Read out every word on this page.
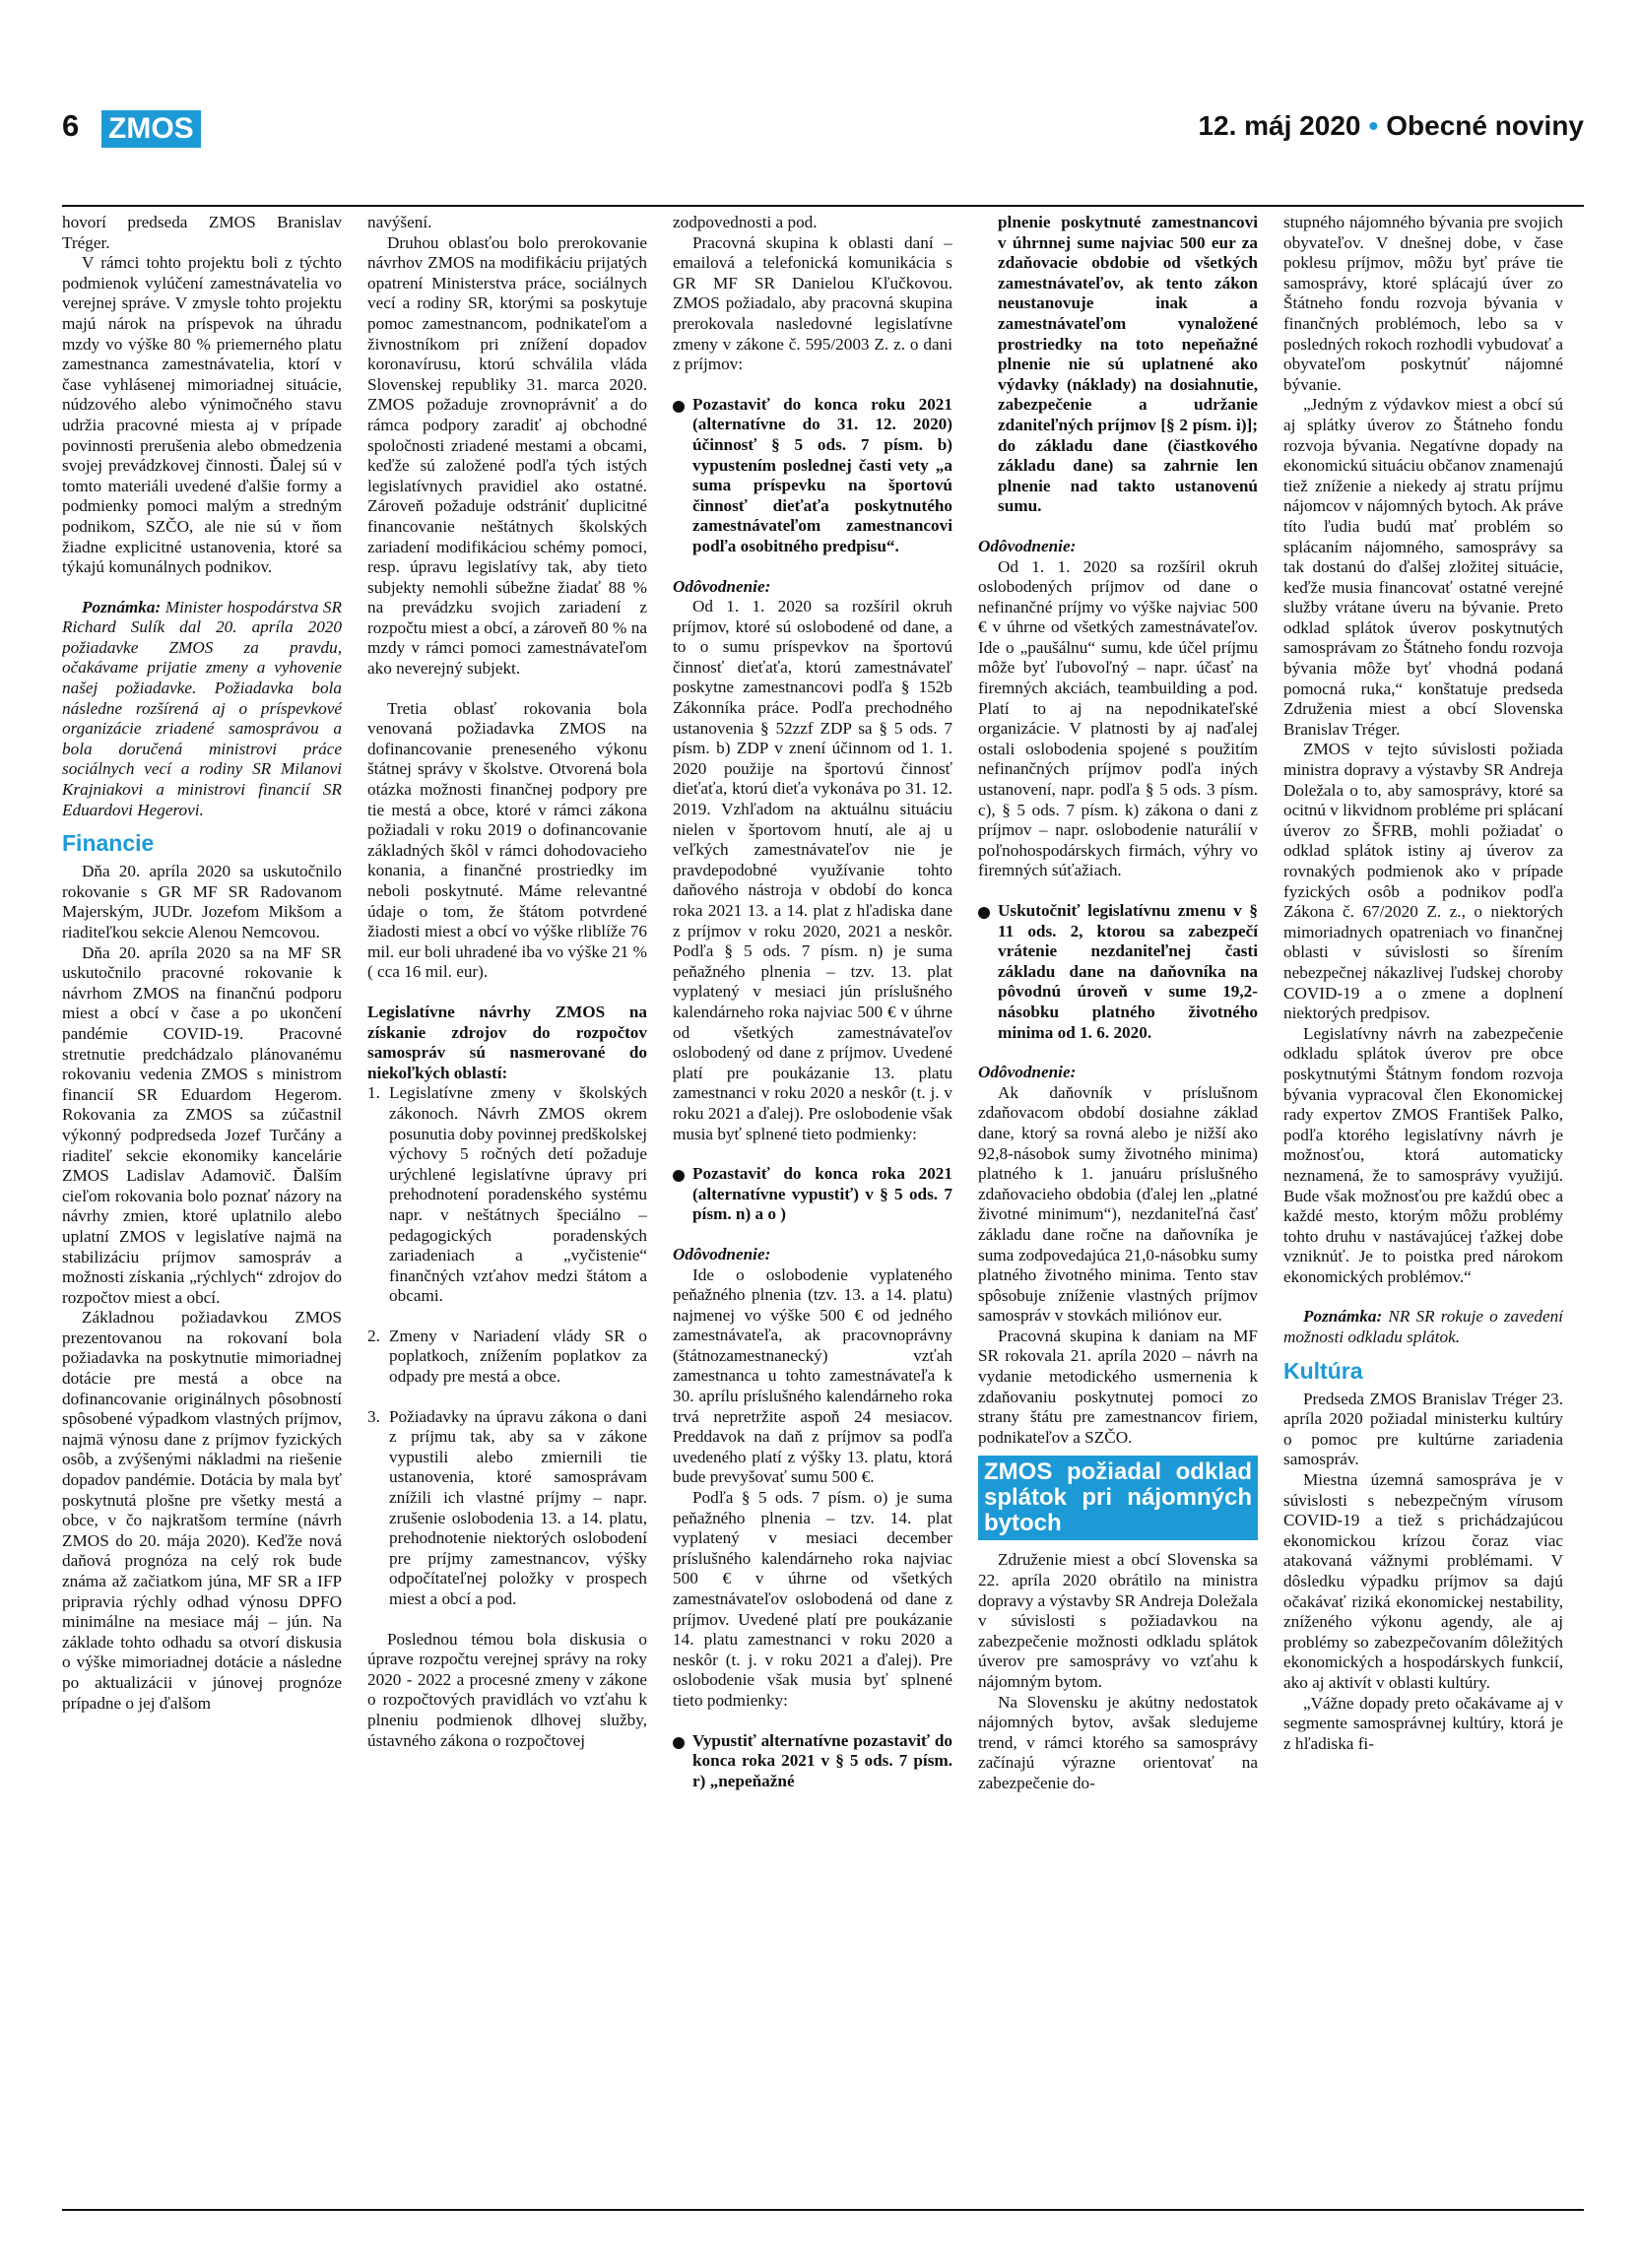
6 ZMOS	12. máj 2020 • Obecné noviny

hovorí predseda ZMOS Branislav Tréger.

V rámci tohto projektu boli z týchto podmienok vylúčení zamestnávatelia vo verejnej správe. V zmysle tohto projektu majú nárok na príspevok na úhradu mzdy vo výške 80 % priemerného platu zamestnanca zamestnávatelia, ktorí v čase vyhlásenej mimoriadnej situácie, núdzového alebo výnimočného stavu udržia pracovné miesta aj v prípade povinnosti prerušenia alebo obmedzenia svojej prevádzkovej činnosti. Ďalej sú v tomto materiáli uvedené ďalšie formy a podmienky pomoci malým a stredným podnikom, SZČO, ale nie sú v ňom žiadne explicitné ustanovenia, ktoré sa týkajú komunálnych podnikov.

Poznámka: Minister hospodárstva SR Richard Sulík dal 20. apríla 2020 požiadavke ZMOS za pravdu, očakávame prijatie zmeny a vyhovenie našej požiadavke. Požiadavka bola následne rozšírená aj o príspevkové organizácie zriadené samosprávou a bola doručená ministrovi práce sociálnych vecí a rodiny SR Milanovi Krajniakovi a ministrovi financií SR Eduardovi Hegerovi.

Financie

Dňa 20. apríla 2020 sa uskutočnilo rokovanie s GR MF SR Radovanom Majerským, JUDr. Jozefom Mikšom a riaditeľkou sekcie Alenou Nemcovou.

Dňa 20. apríla 2020 sa na MF SR uskutočnilo pracovné rokovanie k návrhom ZMOS na finančnú podporu miest a obcí v čase a po ukončení pandémie COVID-19. Pracovné stretnutie predchádzalo plánovanému rokovaniu vedenia ZMOS s ministrom financií SR Eduardom Hegerom. Rokovania za ZMOS sa zúčastnil výkonný podpredseda Jozef Turčány a riaditeľ sekcie ekonomiky kancelárie ZMOS Ladislav Adamovič. Ďalším cieľom rokovania bolo poznať názory na návrhy zmien, ktoré uplatnilo alebo uplatní ZMOS v legislatíve najmä na stabilizáciu príjmov samospráv a možnosti získania „rýchlych“ zdrojov do rozpočtov miest a obcí.

Základnou požiadavkou ZMOS prezentovanou na rokovaní bola požiadavka na poskytnutie mimoriadnej dotácie pre mestá a obce na dofinancovanie originálnych pôsobností spôsobené výpadkom vlastných príjmov, najmä výnosu dane z príjmov fyzických osôb, a zvýšenými nákladmi na riešenie dopadov pandémie. Dotácia by mala byť poskytnutá plošne pre všetky mestá a obce, v čo najkratšom termíne (návrh ZMOS do 20. mája 2020). Keďže nová daňová prognóza na celý rok bude známa až začiatkom júna, MF SR a IFP pripravia rýchly odhad výnosu DPFO minimálne na mesiace máj – jún. Na základe tohto odhadu sa otvorí diskusia o výške mimoriadnej dotácie a následne po aktualizácii v júnovej prognóze prípadne o jej ďalšom

navýšení.

Druhou oblasťou bolo prerokovanie návrhov ZMOS na modifikáciu prijatých opatrení Ministerstva práce, sociálnych vecí a rodiny SR, ktorými sa poskytuje pomoc zamestnancom, podnikateľom a živnostníkom pri znížení dopadov koronavírusu, ktorú schválila vláda Slovenskej republiky 31. marca 2020. ZMOS požaduje zrovnoprávniť a do rámca podpory zaradiť aj obchodné spoločnosti zriadené mestami a obcami, keďže sú založené podľa tých istých legislatívnych pravidiel ako ostatné. Zároveň požaduje odstrániť duplicitné financovanie neštátnych školských zariadení modifikáciou schémy pomoci, resp. úpravu legislatívy tak, aby tieto subjekty nemohli súbežne žiadať 88 % na prevádzku svojich zariadení z rozpočtu miest a obcí, a zároveň 80 % na mzdy v rámci pomoci zamestnávateľom ako neverejný subjekt.

Tretia oblasť rokovania bola venovaná požiadavka ZMOS na dofinancovanie preneseného výkonu štátnej správy v školstve. Otvorená bola otázka možnosti finančnej podpory pre tie mestá a obce, ktoré v rámci zákona požiadali v roku 2019 o dofinancovanie základných škôl v rámci dohodovacieho konania, a finančné prostriedky im neboli poskytnuté. Máme relevantné údaje o tom, že štátom potvrdené žiadosti miest a obcí vo výške rliblíže 76 mil. eur boli uhradené iba vo výške 21 % ( cca 16 mil. eur).

Legislatívne návrhy ZMOS na získanie zdrojov do rozpočtov samospráv sú nasmerované do niekoľkých oblastí:

1. Legislatívne zmeny v školských zákonoch. Návrh ZMOS okrem posunutia doby povinnej predškolskej výchovy 5 ročných detí požaduje urýchlené legislatívne úpravy pri prehodnotení poradenského systému napr. v neštátnych špeciálno – pedagogických poradenských zariadeniach a „vyčistenie“ finančných vzťahov medzi štátom a obcami.

2. Zmeny v Nariadení vlády SR o poplatkoch, znížením poplatkov za odpady pre mestá a obce.

3. Požiadavky na úpravu zákona o dani z príjmu tak, aby sa v zákone vypustili alebo zmiernili tie ustanovenia, ktoré samosprávam znížili ich vlastné príjmy – napr. zrušenie oslobodenia 13. a 14. platu, prehodnotenie niektorých oslobodení pre príjmy zamestnancov, výšky odpočítateľnej položky v prospech miest a obcí a pod.

Poslednou témou bola diskusia o úprave rozpočtu verejnej správy na roky 2020 - 2022 a procesné zmeny v zákone o rozpočtových pravidlách vo vzťahu k plneniu podmienok dlhovej služby, ústavného zákona o rozpočtovej

zodpovednosti a pod.

Pracovná skupina k oblasti daní – emailová a telefonická komunikácia s GR MF SR Danielou Kľučkovou. ZMOS požiadalo, aby pracovná skupina prerokovala nasledovné legislatívne zmeny v zákone č. 595/2003 Z. z. o dani z príjmov:

Pozastaviť do konca roku 2021 (alternatívne do 31. 12. 2020) účinnosť § 5 ods. 7 písm. b) vypustením poslednej časti vety „a suma príspevku na športovú činnosť dieťaťa poskytnutého zamestnávateľom zamestnancovi podľa osobitného predpisu“.

Odôvodnenie:

Od 1. 1. 2020 sa rozšíril okruh príjmov, ktoré sú oslobodené od dane, a to o sumu príspevkov na športovú činnosť dieťaťa, ktorú zamestnávateľ poskytne zamestnancovi podľa § 152b Zákonníka práce. Podľa prechodného ustanovenia § 52zzf ZDP sa § 5 ods. 7 písm. b) ZDP v znení účinnom od 1. 1. 2020 použije na športovú činnosť dieťaťa, ktorú dieťa vykonáva po 31. 12. 2019. Vzhľadom na aktuálnu situáciu nielen v športovom hnutí, ale aj u veľkých zamestnávateľov nie je pravdepodobné využívanie tohto daňového nástroja v období do konca roka 2021 13. a 14. plat z hľadiska dane z príjmov v roku 2020, 2021 a neskôr. Podľa § 5 ods. 7 písm. n) je suma peňažného plnenia – tzv. 13. plat vyplatený v mesiaci jún príslušného kalendárneho roka najviac 500 € v úhrne od všetkých zamestnávateľov oslobodený od dane z príjmov. Uvedené platí pre poukázanie 13. platu zamestnanci v roku 2020 a neskôr (t. j. v roku 2021 a ďalej). Pre oslobodenie však musia byť splnené tieto podmienky:

Pozastaviť do konca roka 2021 (alternatívne vypustiť) v § 5 ods. 7 písm. n) a o )

Odôvodnenie:

Ide o oslobodenie vyplateného peňažného plnenia (tzv. 13. a 14. platu) najmenej vo výške 500 € od jedného zamestnávateľa, ak pracovnoprávny (štátnozamestnanecký) vzťah zamestnanca u tohto zamestnávateľa k 30. aprílu príslušného kalendárneho roka trvá nepretržite aspoň 24 mesiacov. Preddavok na daň z príjmov sa podľa uvedeného platí z výšky 13. platu, ktorá bude prevyšovať sumu 500 €.

Podľa § 5 ods. 7 písm. o) je suma peňažného plnenia – tzv. 14. plat vyplatený v mesiaci december príslušného kalendárneho roka najviac 500 € v úhrne od všetkých zamestnávateľov oslobodená od dane z príjmov. Uvedené platí pre poukázanie 14. platu zamestnanci v roku 2020 a neskôr (t. j. v roku 2021 a ďalej). Pre oslobodenie však musia byť splnené tieto podmienky:

Vypustiť alternatívne pozastaviť do konca roka 2021 v § 5 ods. 7 písm. r) „nepeňažné

plnenie poskytnuté zamestnancovi v úhrnnej sume najviac 500 eur za zdaňovacie obdobie od všetkých zamestnávateľov, ak tento zákon neustanovuje inak a zamestnávateľom vynaložené prostriedky na toto nepeňažné plnenie nie sú uplatnené ako výdavky (náklady) na dosiahnutie, zabezpečenie a udržanie zdaniteľných príjmov [§ 2 písm. i)]; do základu dane (čiastkového základu dane) sa zahrnie len plnenie nad takto ustanovenú sumu.

Odôvodnenie:

Od 1. 1. 2020 sa rozšíril okruh oslobodených príjmov od dane o nefinančné príjmy vo výške najviac 500 € v úhrne od všetkých zamestnávateľov. Ide o „paušálnu“ sumu, kde účel príjmu môže byť ľubovoľný – napr. účasť na firemných akciách, teambuilding a pod. Platí to aj na nepodnikateľské organizácie. V platnosti by aj naďalej ostali oslobodenia spojené s použitím nefinančných príjmov podľa iných ustanovení, napr. podľa § 5 ods. 3 písm. c), § 5 ods. 7 písm. k) zákona o dani z príjmov – napr. oslobodenie naturálií v poľnohospodárskych firmách, výhry vo firemných súťažiach.

Uskutočniť legislatívnu zmenu v § 11 ods. 2, ktorou sa zabezpečí vrátenie nezdaniteľnej časti základu dane na daňovníka na pôvodnú úroveň v sume 19,2-násobku platného životného minima od 1. 6. 2020.

Odôvodnenie:

Ak daňovník v príslušnom zdaňovacom období dosiahne základ dane, ktorý sa rovná alebo je nižší ako 92,8-násobok sumy životného minima) platného k 1. januáru príslušného zdaňovacieho obdobia (ďalej len „platné životné minimum“), nezdaniteľná časť základu dane ročne na daňovníka je suma zodpovedajúca 21,0-násobku sumy platného životného minima. Tento stav spôsobuje zníženie vlastných príjmov samospráv v stovkách miliónov eur.

Pracovná skupina k daniam na MF SR rokovala 21. apríla 2020 – návrh na vydanie metodického usmernenia k zdaňovaniu poskytnutej pomoci zo strany štátu pre zamestnancov firiem, podnikateľov a SZČO.

ZMOS požiadal odklad splátok pri nájomných bytoch

Združenie miest a obcí Slovenska sa 22. apríla 2020 obrátilo na ministra dopravy a výstavby SR Andreja Doležala v súvislosti s požiadavkou na zabezpečenie možnosti odkladu splátok úverov pre samosprávy vo vzťahu k nájomným bytom.

Na Slovensku je akútny nedostatok nájomných bytov, avšak sledujeme trend, v rámci ktorého sa samosprávy začínajú výrazne orientovať na zabezpečenie do-

stupného nájomného bývania pre svojich obyvateľov. V dnešnej dobe, v čase poklesu príjmov, môžu byť práve tie samosprávy, ktoré splácajú úver zo Štátneho fondu rozvoja bývania v finančných problémoch, lebo sa v posledných rokoch rozhodli vybudovať a obyvateľom poskytnúť nájomné bývanie.

„Jedným z výdavkov miest a obcí sú aj splátky úverov zo Štátneho fondu rozvoja bývania. Negatívne dopady na ekonomickú situáciu občanov znamenajú tiež zníženie a niekedy aj stratu príjmu nájomcov v nájomných bytoch. Ak práve títo ľudia budú mať problém so splácaním nájomného, samosprávy sa tak dostanú do ďalšej zložitej situácie, keďže musia financovať ostatné verejné služby vrátane úveru na bývanie. Preto odklad splátok úverov poskytnutých samosprávam zo Štátneho fondu rozvoja bývania môže byť vhodná podaná pomocná ruka,“ konštatuje predseda Združenia miest a obcí Slovenska Branislav Tréger.

ZMOS v tejto súvislosti požiada ministra dopravy a výstavby SR Andreja Doležala o to, aby samosprávy, ktoré sa ocitnú v likvidnom probléme pri splácaní úverov zo ŠFRB, mohli požiadať o odklad splátok istiny aj úverov za rovnakých podmienok ako v prípade fyzických osôb a podnikov podľa Zákona č. 67/2020 Z. z., o niektorých mimoriadnych opatreniach vo finančnej oblasti v súvislosti so šírením nebezpečnej nákazlivej ľudskej choroby COVID-19 a o zmene a doplnení niektorých predpisov.

Legislatívny návrh na zabezpečenie odkladu splátok úverov pre obce poskytnutými Štátnym fondom rozvoja bývania vypracoval člen Ekonomickej rady expertov ZMOS František Palko, podľa ktorého legislatívny návrh je možnosťou, ktorá automaticky neznamená, že to samosprávy využijú. Bude však možnosťou pre každú obec a každé mesto, ktorým môžu problémy tohto druhu v nastávajúcej ťažkej dobe vzniknúť. Je to poistka pred nárokom ekonomických problémov.“

Poznámka: NR SR rokuje o zavedení možnosti odkladu splátok.

Kultúra

Predseda ZMOS Branislav Tréger 23. apríla 2020 požiadal ministerku kultúry o pomoc pre kultúrne zariadenia samospráv.

Miestna územná samospráva je v súvislosti s nebezpečným vírusom COVID-19 a tiež s prichádzajúcou ekonomickou krízou čoraz viac atakovaná vážnymi problémami. V dôsledku výpadku príjmov sa dajú očakávať riziká ekonomickej nestability, zníženého výkonu agendy, ale aj problémy so zabezpečovaním dôležitých ekonomických a hospodárskych funkcií, ako aj aktivít v oblasti kultúry.

„Vážne dopady preto očakávame aj v segmente samosprávnej kultúry, ktorá je z hľadiska fi-
